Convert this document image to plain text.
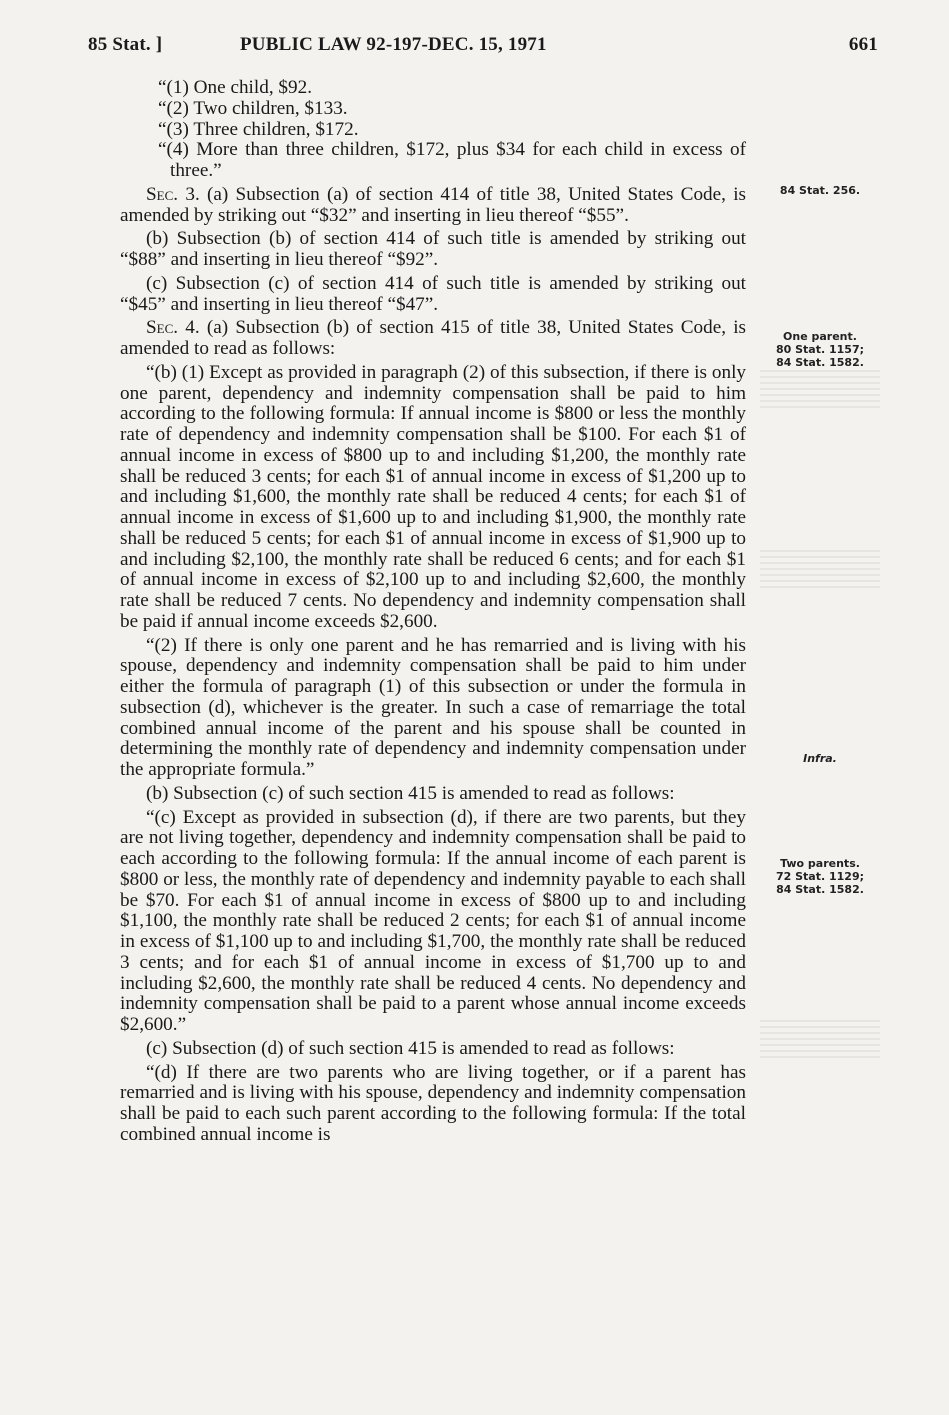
85 Stat. ]	PUBLIC LAW 92-197-DEC. 15, 1971	661

“(1) One child, $92.

“(2) Two children, $133.

“(3) Three children, $172.

“(4) More than three children, $172, plus $34 for each child in excess of three.”

Sec. 3. (a) Subsection (a) of section 414 of title 38, United States Code, is amended by striking out “$32” and inserting in lieu thereof “$55”.

(b) Subsection (b) of section 414 of such title is amended by striking out “$88” and inserting in lieu thereof “$92”.

(c) Subsection (c) of section 414 of such title is amended by striking out “$45” and inserting in lieu thereof “$47”.

Sec. 4. (a) Subsection (b) of section 415 of title 38, United States Code, is amended to read as follows:

“(b) (1) Except as provided in paragraph (2) of this subsection, if there is only one parent, dependency and indemnity compensation shall be paid to him according to the following formula: If annual income is $800 or less the monthly rate of dependency and indemnity compensation shall be $100. For each $1 of annual income in excess of $800 up to and including $1,200, the monthly rate shall be reduced 3 cents; for each $1 of annual income in excess of $1,200 up to and including $1,600, the monthly rate shall be reduced 4 cents; for each $1 of annual income in excess of $1,600 up to and including $1,900, the monthly rate shall be reduced 5 cents; for each $1 of annual income in excess of $1,900 up to and including $2,100, the monthly rate shall be reduced 6 cents; and for each $1 of annual income in excess of $2,100 up to and including $2,600, the monthly rate shall be reduced 7 cents. No dependency and indemnity compensation shall be paid if annual income exceeds $2,600.

“(2) If there is only one parent and he has remarried and is living with his spouse, dependency and indemnity compensation shall be paid to him under either the formula of paragraph (1) of this subsection or under the formula in subsection (d), whichever is the greater. In such a case of remarriage the total combined annual income of the parent and his spouse shall be counted in determining the monthly rate of dependency and indemnity compensation under the appropriate formula.”

(b) Subsection (c) of such section 415 is amended to read as follows:

“(c) Except as provided in subsection (d), if there are two parents, but they are not living together, dependency and indemnity compensation shall be paid to each according to the following formula: If the annual income of each parent is $800 or less, the monthly rate of dependency and indemnity payable to each shall be $70. For each $1 of annual income in excess of $800 up to and including $1,100, the monthly rate shall be reduced 2 cents; for each $1 of annual income in excess of $1,100 up to and including $1,700, the monthly rate shall be reduced 3 cents; and for each $1 of annual income in excess of $1,700 up to and including $2,600, the monthly rate shall be reduced 4 cents. No dependency and indemnity compensation shall be paid to a parent whose annual income exceeds $2,600.”

(c) Subsection (d) of such section 415 is amended to read as follows:

“(d) If there are two parents who are living together, or if a parent has remarried and is living with his spouse, dependency and indemnity compensation shall be paid to each such parent according to the following formula: If the total combined annual income is

84 Stat. 256.
One parent.
80 Stat. 1157;
84 Stat. 1582.
Infra.
Two parents.
72 Stat. 1129;
84 Stat. 1582.
